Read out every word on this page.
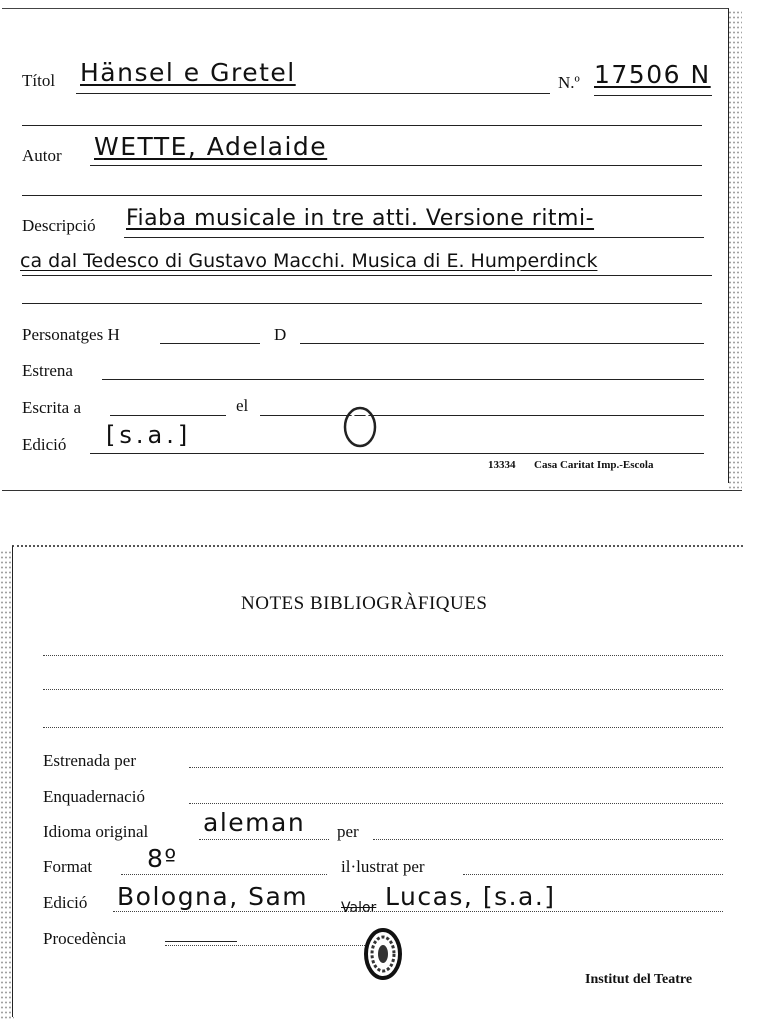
Títol Hänsel e Gretel	N.º 17506 N
Autor WETTE, Adelaide
Descripció Fiaba musicale in tre atti. Versione ritmi-
ca dal Tedesco di Gustavo Macchi. Musica di E. Humperdinck
Personatges H	D
Estrena
Escrita a	el
Edició [s.a.]
13334 Casa Caritat Imp.-Escola
NOTES BIBLIOGRÀFIQUES
Estrenada per
Enquadernació
Idioma original aleman per
Format 8º	il·lustrat per
Edició Bologna, Sam Valor Lucas, [s.a.]
Procedència
Institut del Teatre
